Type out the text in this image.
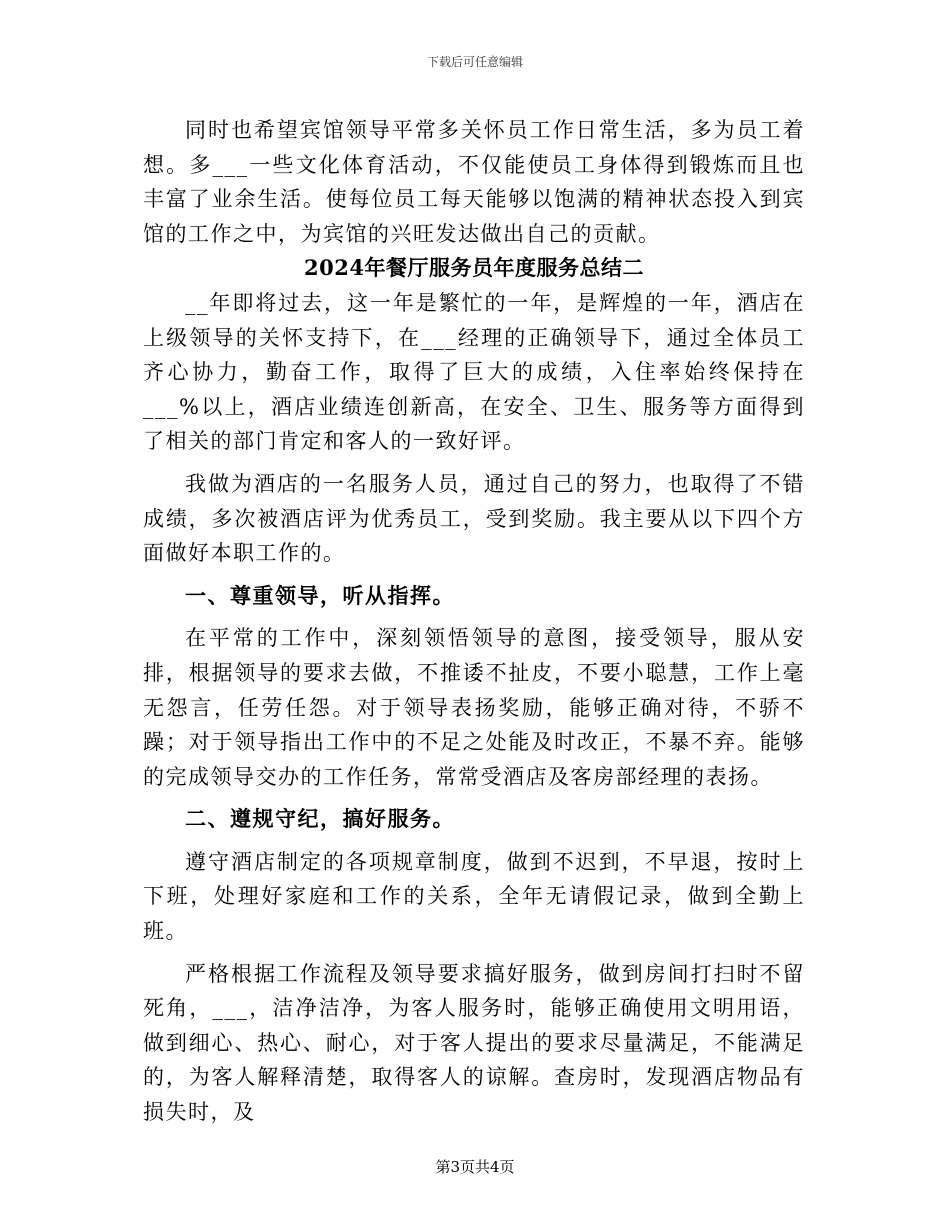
下载后可任意编辑

同时也希望宾馆领导平常多关怀员工作日常生活，多为员工着想。多___一些文化体育活动，不仅能使员工身体得到锻炼而且也丰富了业余生活。使每位员工每天能够以饱满的精神状态投入到宾馆的工作之中，为宾馆的兴旺发达做出自己的贡献。

2024年餐厅服务员年度服务总结二

__年即将过去，这一年是繁忙的一年，是辉煌的一年，酒店在上级领导的关怀支持下，在___经理的正确领导下，通过全体员工齐心协力，勤奋工作，取得了巨大的成绩，入住率始终保持在___%以上，酒店业绩连创新高，在安全、卫生、服务等方面得到了相关的部门肯定和客人的一致好评。

我做为酒店的一名服务人员，通过自己的努力，也取得了不错成绩，多次被酒店评为优秀员工，受到奖励。我主要从以下四个方面做好本职工作的。

一、尊重领导，听从指挥。

在平常的工作中，深刻领悟领导的意图，接受领导，服从安排，根据领导的要求去做，不推诿不扯皮，不要小聪慧，工作上毫无怨言，任劳任怨。对于领导表扬奖励，能够正确对待，不骄不躁；对于领导指出工作中的不足之处能及时改正，不暴不弃。能够的完成领导交办的工作任务，常常受酒店及客房部经理的表扬。

二、遵规守纪，搞好服务。

遵守酒店制定的各项规章制度，做到不迟到，不早退，按时上下班，处理好家庭和工作的关系，全年无请假记录，做到全勤上班。

严格根据工作流程及领导要求搞好服务，做到房间打扫时不留死角，___，洁净洁净，为客人服务时，能够正确使用文明用语，做到细心、热心、耐心，对于客人提出的要求尽量满足，不能满足的，为客人解释清楚，取得客人的谅解。查房时，发现酒店物品有损失时，及

第3页共4页
